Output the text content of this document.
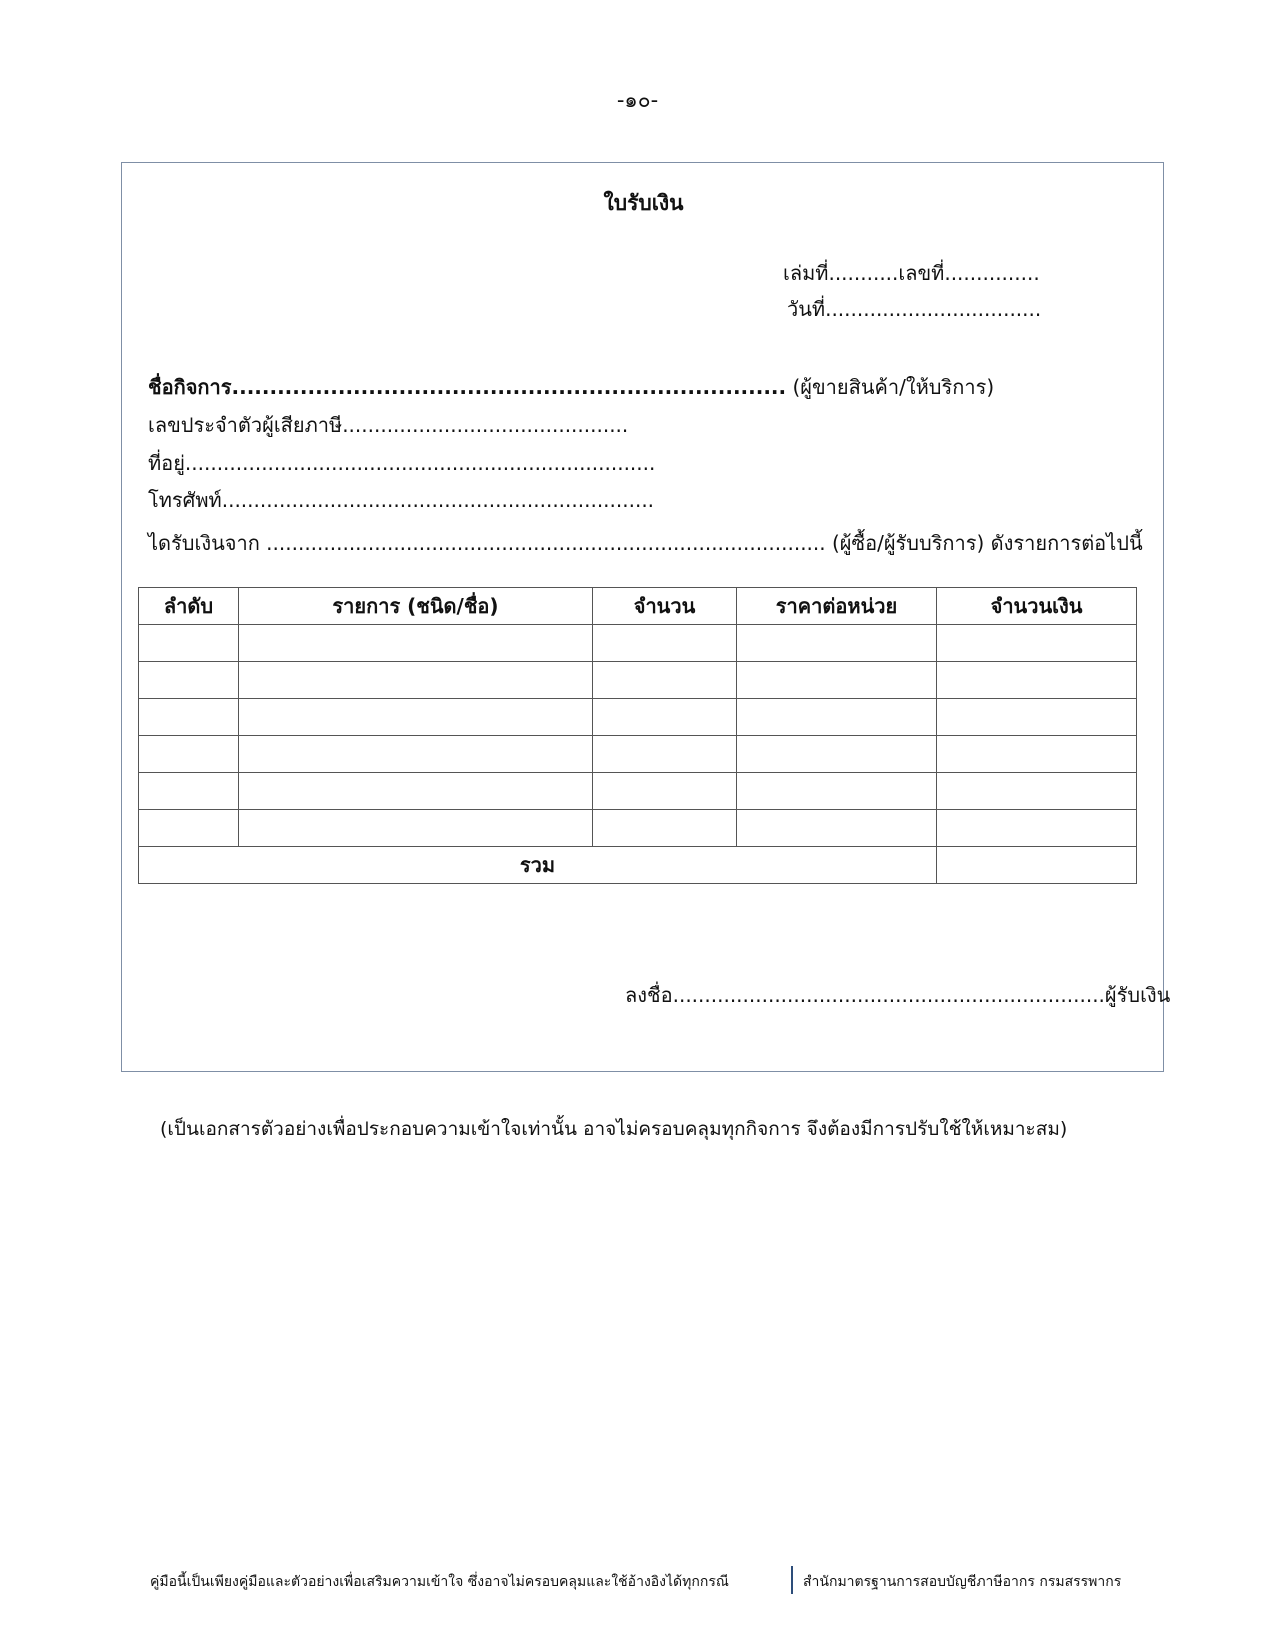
-๑๐-
ใบรับเงิน
เล่มที่...........เลขที่...............
วันที่..................................
ชื่อกิจการ......................................................................... (ผู้ขายสินค้า/ให้บริการ)
เลขประจำตัวผู้เสียภาษี.............................................
ที่อยู่..........................................................................
โทรศัพท์....................................................................
ไดรับเงินจาก ........................................................................................ (ผู้ซื้อ/ผู้รับบริการ) ดังรายการต่อไปนี้
ลำดับ	รายการ (ชนิด/ชื่อ)	จำนวน	ราคาต่อหน่วย	จำนวนเงิน

รวม				
ลงชื่อ....................................................................ผู้รับเงิน
(เป็นเอกสารตัวอย่างเพื่อประกอบความเข้าใจเท่านั้น อาจไม่ครอบคลุมทุกกิจการ จึงต้องมีการปรับใช้ให้เหมาะสม)
คู่มือนี้เป็นเพียงคู่มือและตัวอย่างเพื่อเสริมความเข้าใจ ซึ่งอาจไม่ครอบคลุมและใช้อ้างอิงได้ทุกกรณี	สำนักมาตรฐานการสอบบัญชีภาษีอากร กรมสรรพากร
